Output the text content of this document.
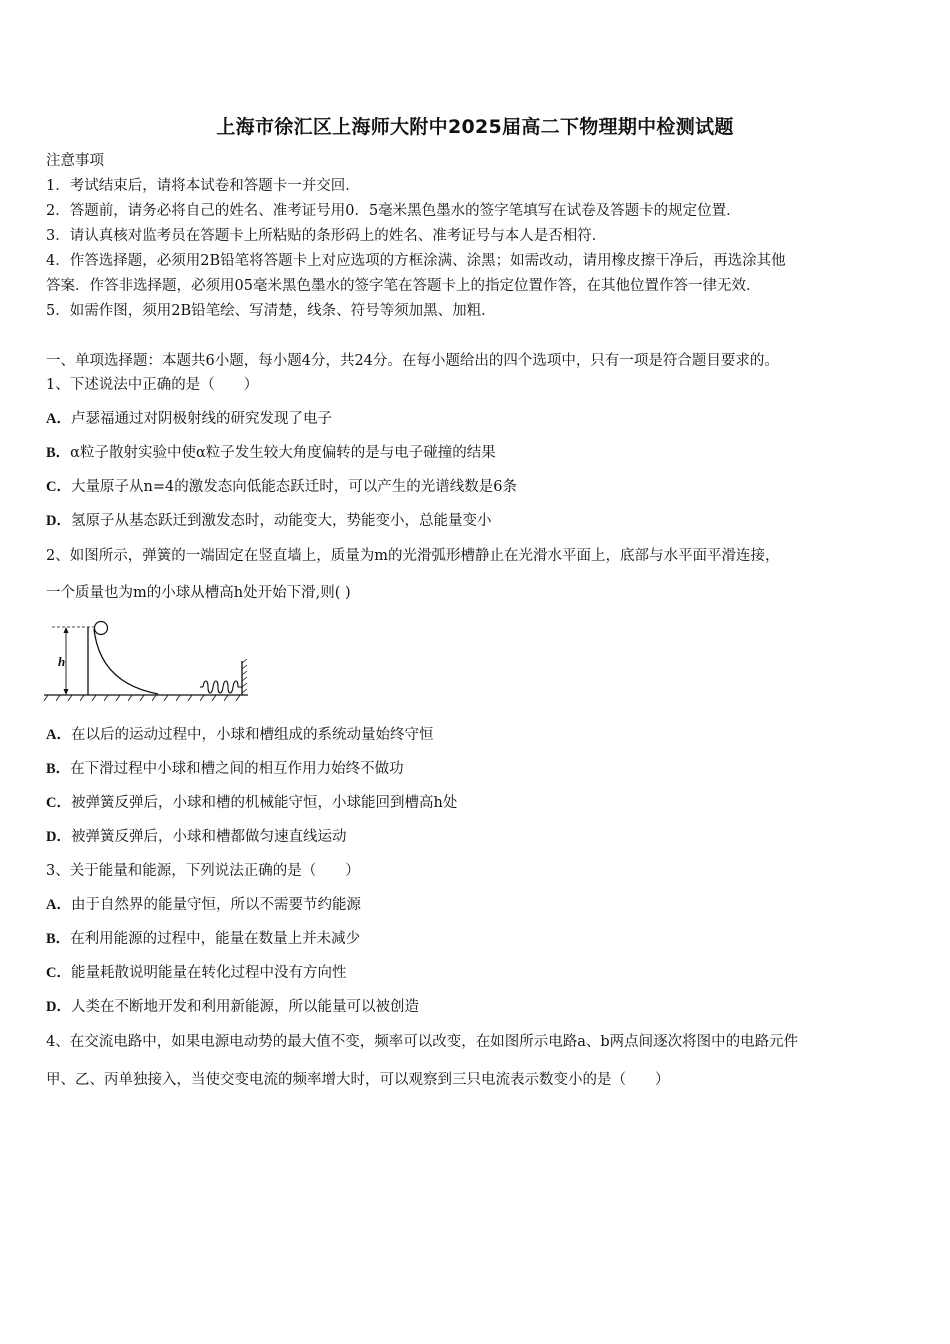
上海市徐汇区上海师大附中2025届高二下物理期中检测试题
注意事项
1．考试结束后，请将本试卷和答题卡一并交回．
2．答题前，请务必将自己的姓名、准考证号用0．5毫米黑色墨水的签字笔填写在试卷及答题卡的规定位置．
3．请认真核对监考员在答题卡上所粘贴的条形码上的姓名、准考证号与本人是否相符．
4．作答选择题，必须用2B铅笔将答题卡上对应选项的方框涂满、涂黑；如需改动，请用橡皮擦干净后，再选涂其他
答案．作答非选择题，必须用05毫米黑色墨水的签字笔在答题卡上的指定位置作答，在其他位置作答一律无效．
5．如需作图，须用2B铅笔绘、写清楚，线条、符号等须加黑、加粗．
一、单项选择题：本题共6小题，每小题4分，共24分。在每小题给出的四个选项中，只有一项是符合题目要求的。
1、下述说法中正确的是（　　）
A．卢瑟福通过对阴极射线的研究发现了电子
B．α粒子散射实验中使α粒子发生较大角度偏转的是与电子碰撞的结果
C．大量原子从n=4的激发态向低能态跃迁时，可以产生的光谱线数是6条
D．氢原子从基态跃迁到激发态时，动能变大，势能变小，总能量变小
2、如图所示，弹簧的一端固定在竖直墙上，质量为m的光滑弧形槽静止在光滑水平面上，底部与水平面平滑连接，
一个质量也为m的小球从槽高h处开始下滑,则( )
h
A．在以后的运动过程中，小球和槽组成的系统动量始终守恒
B．在下滑过程中小球和槽之间的相互作用力始终不做功
C．被弹簧反弹后，小球和槽的机械能守恒，小球能回到槽高h处
D．被弹簧反弹后，小球和槽都做匀速直线运动
3、关于能量和能源，下列说法正确的是（　　）
A．由于自然界的能量守恒，所以不需要节约能源
B．在利用能源的过程中，能量在数量上并未减少
C．能量耗散说明能量在转化过程中没有方向性
D．人类在不断地开发和利用新能源，所以能量可以被创造
4、在交流电路中，如果电源电动势的最大值不变，频率可以改变，在如图所示电路a、b两点间逐次将图中的电路元件
甲、乙、丙单独接入，当使交变电流的频率增大时，可以观察到三只电流表示数变小的是（　　）
